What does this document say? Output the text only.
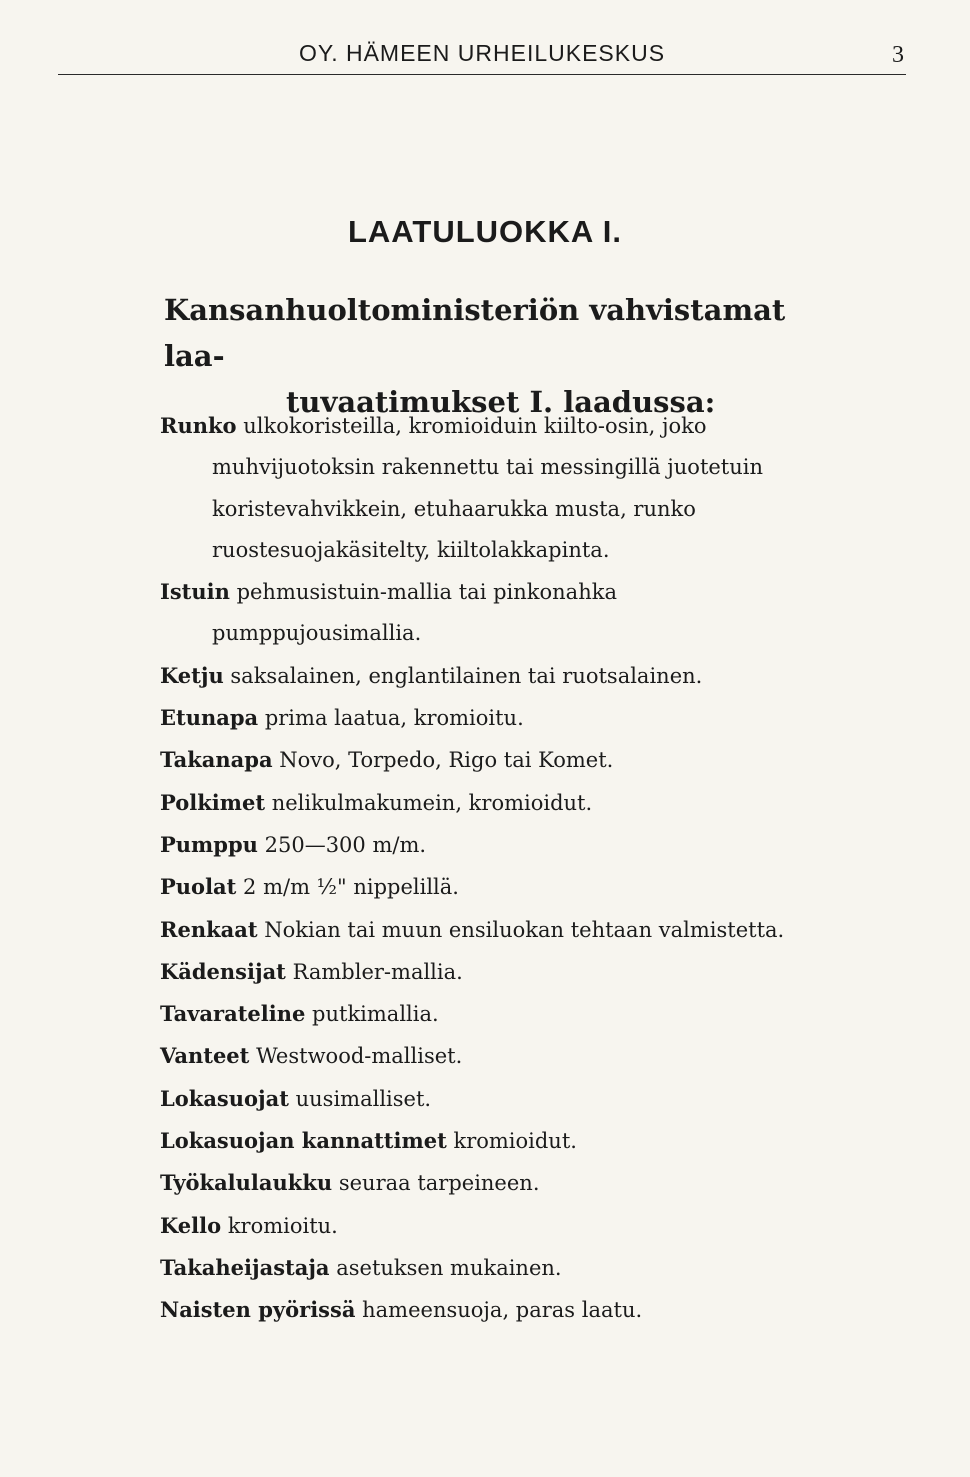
OY. HÄMEEN URHEILUKESKUS	3
LAATULUOKKA I.
Kansanhuoltoministeriön vahvistamat laa-
tuvaatimukset I. laadussa:
Runko ulkokoristeilla, kromioiduin kiilto-osin, joko muhvijuotoksin rakennettu tai messingillä juotetuin koristevahvikkein, etuhaarukka musta, runko ruostesuojakäsitelty, kiiltolakkapinta.
Istuin pehmusistuin-mallia tai pinkonahka pumppujousimallia.
Ketju saksalainen, englantilainen tai ruotsalainen.
Etunapa prima laatua, kromioitu.
Takanapa Novo, Torpedo, Rigo tai Komet.
Polkimet nelikulmakumein, kromioidut.
Pumppu 250—300 m/m.
Puolat 2 m/m ½" nippelillä.
Renkaat Nokian tai muun ensiluokan tehtaan valmistetta.
Kädensijat Rambler-mallia.
Tavarateline putkimallia.
Vanteet Westwood-malliset.
Lokasuojat uusimalliset.
Lokasuojan kannattimet kromioidut.
Työkalulaukku seuraa tarpeineen.
Kello kromioitu.
Takaheijastaja asetuksen mukainen.
Naisten pyörissä hameensuoja, paras laatu.
